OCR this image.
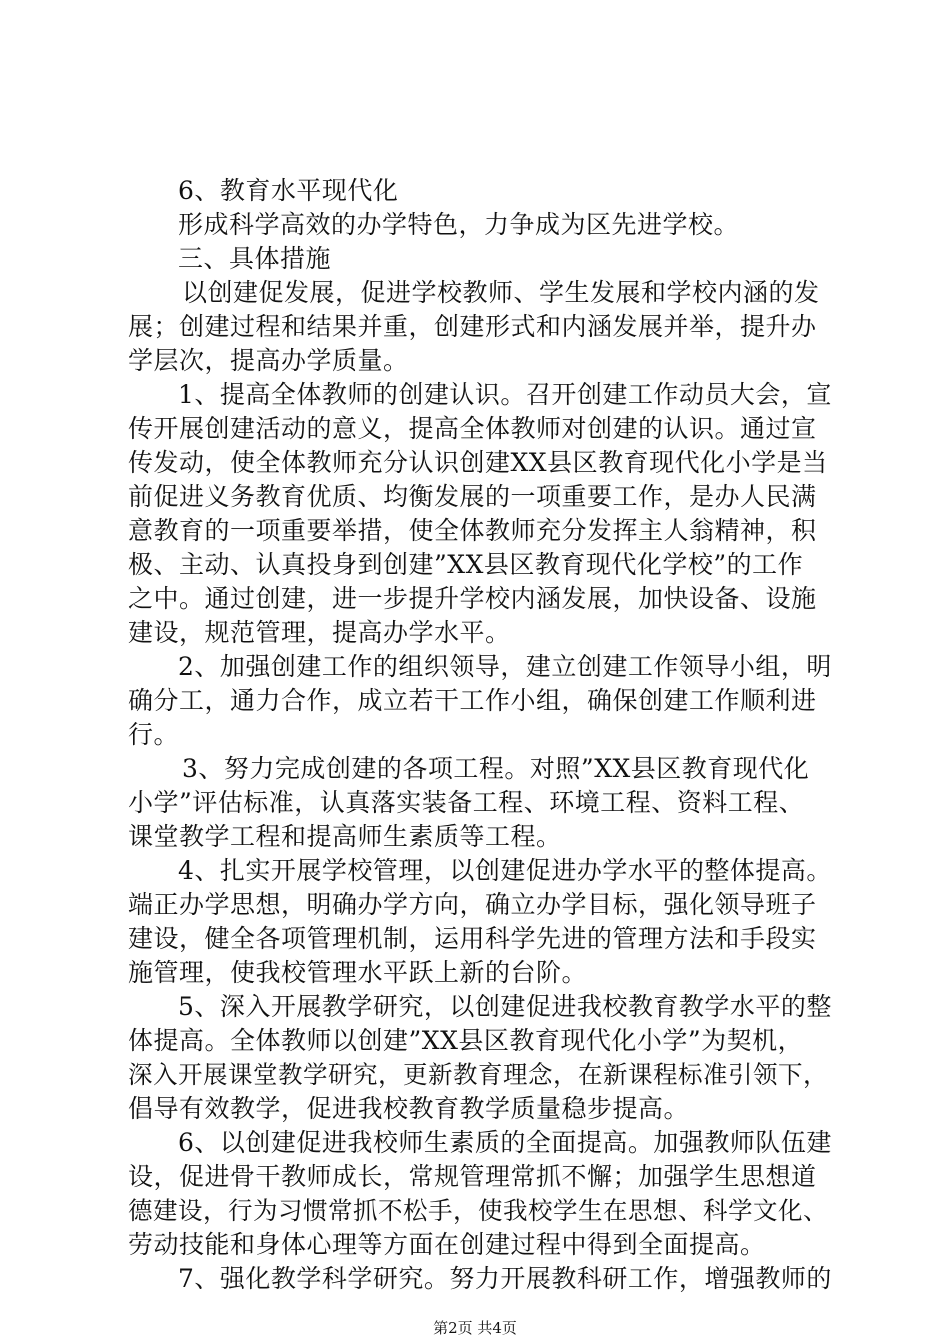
6、教育水平现代化
形成科学高效的办学特色，力争成为区先进学校。
三、具体措施
以创建促发展，促进学校教师、学生发展和学校内涵的发
展；创建过程和结果并重，创建形式和内涵发展并举，提升办
学层次，提高办学质量。
1、提高全体教师的创建认识。召开创建工作动员大会，宣
传开展创建活动的意义，提高全体教师对创建的认识。通过宣
传发动，使全体教师充分认识创建XX县区教育现代化小学是当
前促进义务教育优质、均衡发展的一项重要工作，是办人民满
意教育的一项重要举措，使全体教师充分发挥主人翁精神，积
极、主动、认真投身到创建”XX县区教育现代化学校”的工作
之中。通过创建，进一步提升学校内涵发展，加快设备、设施
建设，规范管理，提高办学水平。
2、加强创建工作的组织领导，建立创建工作领导小组，明
确分工，通力合作，成立若干工作小组，确保创建工作顺利进
行。
3、努力完成创建的各项工程。对照”XX县区教育现代化
小学”评估标准，认真落实装备工程、环境工程、资料工程、
课堂教学工程和提高师生素质等工程。
4、扎实开展学校管理，以创建促进办学水平的整体提高。
端正办学思想，明确办学方向，确立办学目标，强化领导班子
建设，健全各项管理机制，运用科学先进的管理方法和手段实
施管理，使我校管理水平跃上新的台阶。
5、深入开展教学研究，以创建促进我校教育教学水平的整
体提高。全体教师以创建”XX县区教育现代化小学”为契机，
深入开展课堂教学研究，更新教育理念，在新课程标准引领下，
倡导有效教学，促进我校教育教学质量稳步提高。
6、以创建促进我校师生素质的全面提高。加强教师队伍建
设，促进骨干教师成长，常规管理常抓不懈；加强学生思想道
德建设，行为习惯常抓不松手，使我校学生在思想、科学文化、
劳动技能和身体心理等方面在创建过程中得到全面提高。
7、强化教学科学研究。努力开展教科研工作，增强教师的
第2页 共4页
